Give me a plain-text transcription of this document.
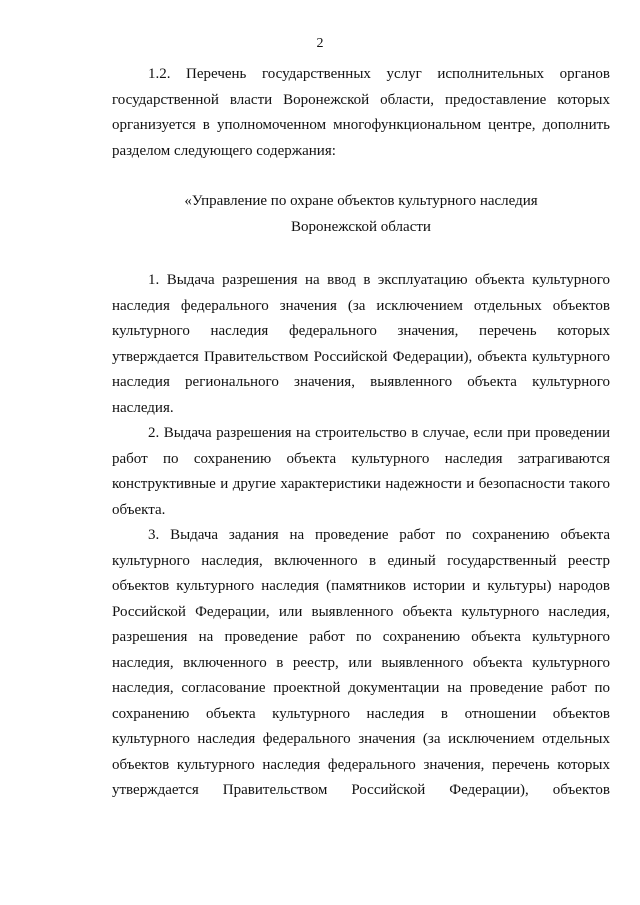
2

1.2. Перечень государственных услуг исполнительных органов государственной власти Воронежской области, предоставление которых организуется в уполномоченном многофункциональном центре, дополнить разделом следующего содержания:

«Управление по охране объектов культурного наследия
Воронежской области

1. Выдача разрешения на ввод в эксплуатацию объекта культурного наследия федерального значения (за исключением отдельных объектов культурного наследия федерального значения, перечень которых утверждается Правительством Российской Федерации), объекта культурного наследия регионального значения, выявленного объекта культурного наследия.

2. Выдача разрешения на строительство в случае, если при проведении работ по сохранению объекта культурного наследия затрагиваются конструктивные и другие характеристики надежности и безопасности такого объекта.

3. Выдача задания на проведение работ по сохранению объекта культурного наследия, включенного в единый государственный реестр объектов культурного наследия (памятников истории и культуры) народов Российской Федерации, или выявленного объекта культурного наследия, разрешения на проведение работ по сохранению объекта культурного наследия, включенного в реестр, или выявленного объекта культурного наследия, согласование проектной документации на проведение работ по сохранению объекта культурного наследия в отношении объектов культурного наследия федерального значения (за исключением отдельных объектов культурного наследия федерального значения, перечень которых утверждается Правительством Российской Федерации), объектов
